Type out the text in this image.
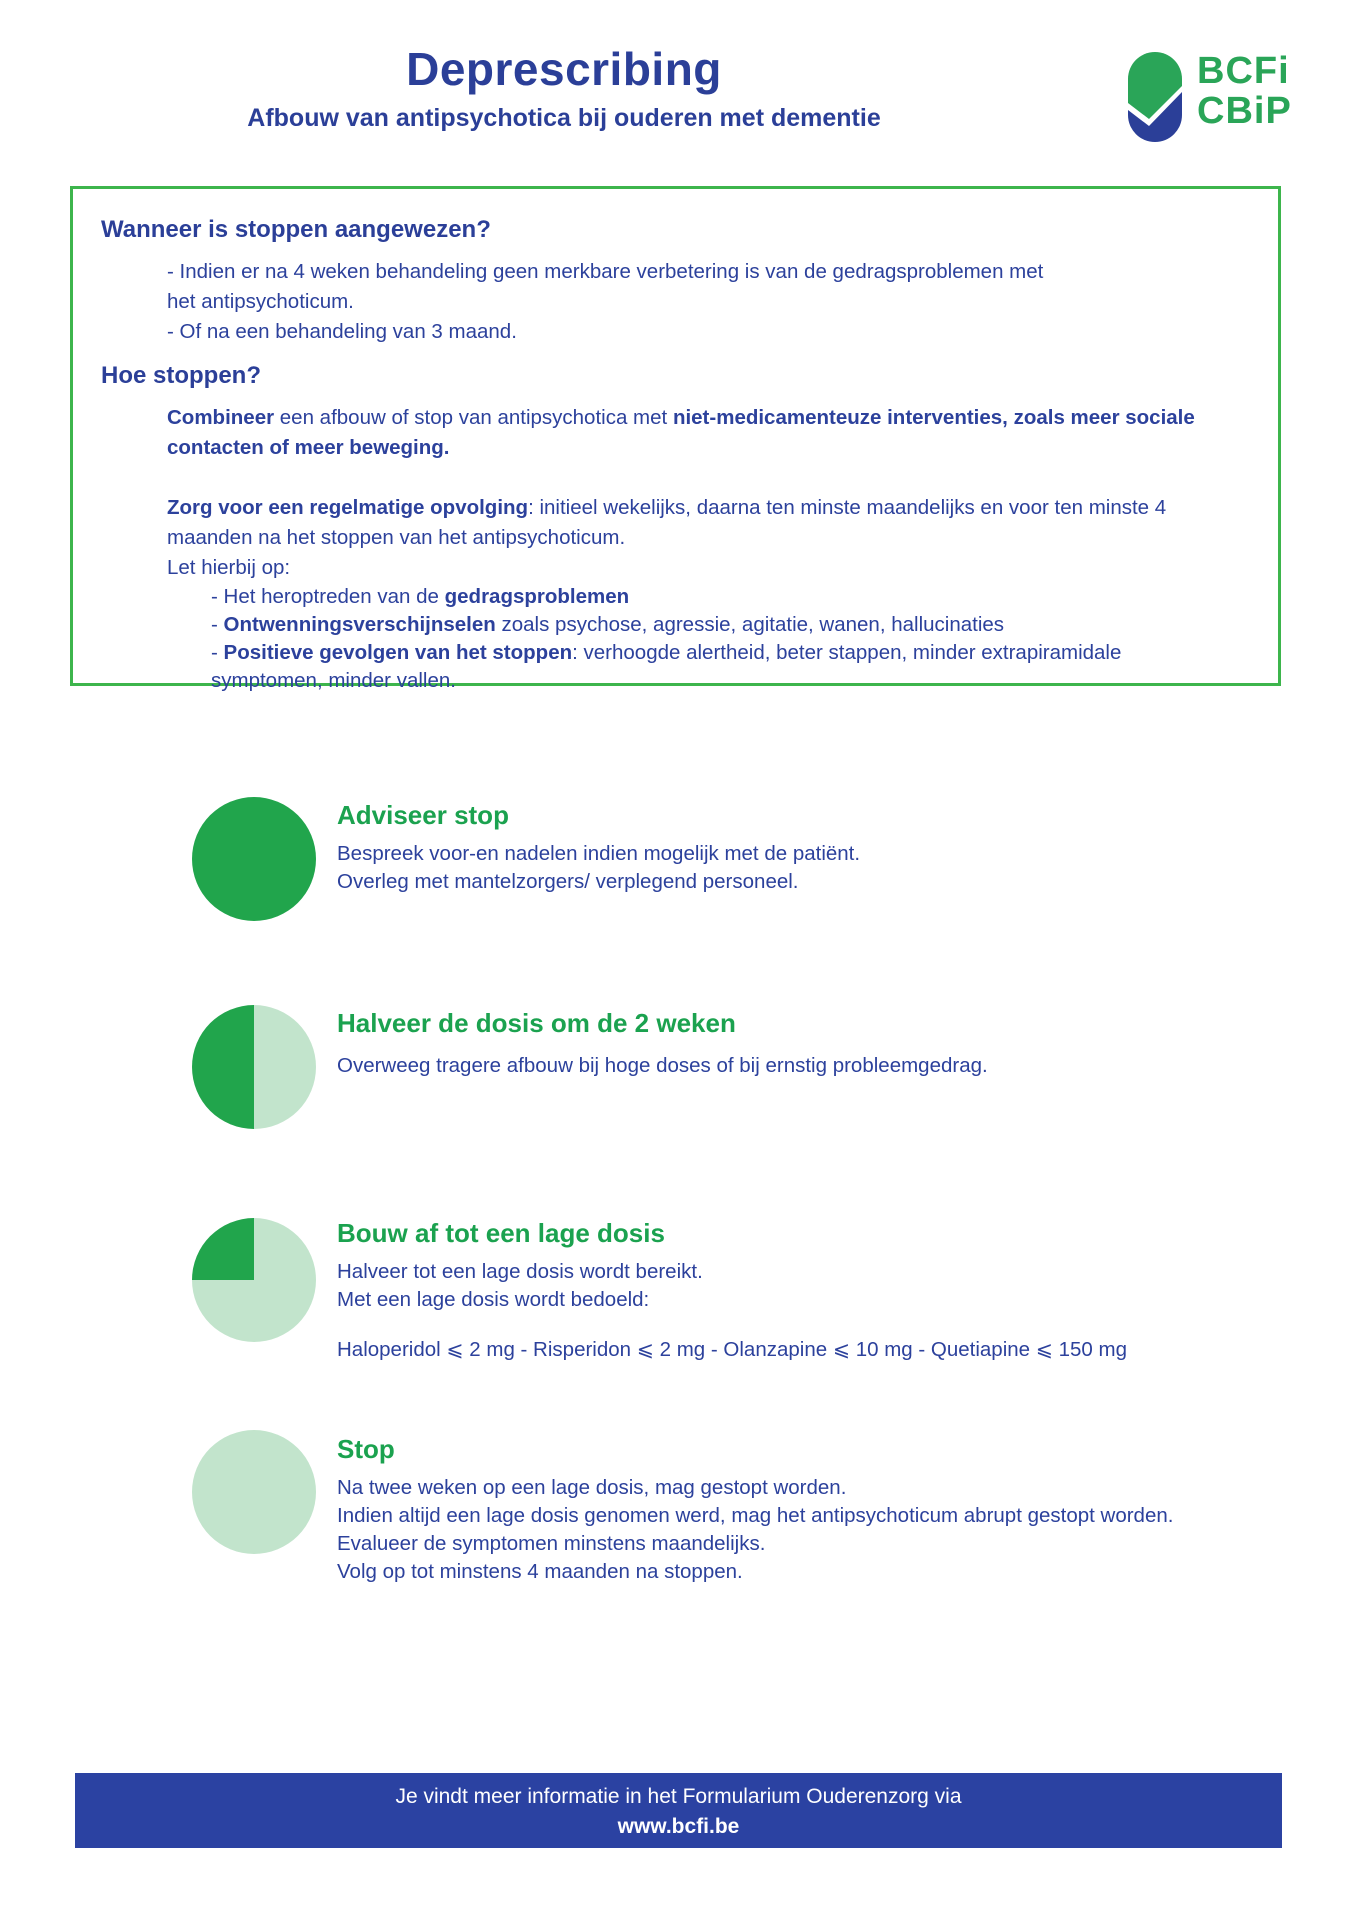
Deprescribing
Afbouw van antipsychotica bij ouderen met dementie
BCFi
CBiP
Wanneer is stoppen aangewezen?
- Indien er na 4 weken behandeling geen merkbare verbetering is van de gedragsproblemen met het antipsychoticum.
- Of na een behandeling van 3 maand.
Hoe stoppen?

Combineer een afbouw of stop van antipsychotica met niet-medicamenteuze interventies, zoals meer sociale contacten of meer beweging.

Zorg voor een regelmatige opvolging: initieel wekelijks, daarna ten minste maandelijks en voor ten minste 4 maanden na het stoppen van het antipsychoticum.

Let hierbij op:

- Het heroptreden van de gedragsproblemen

- Ontwenningsverschijnselen zoals psychose, agressie, agitatie, wanen, hallucinaties

- Positieve gevolgen van het stoppen: verhoogde alertheid, beter stappen, minder extrapiramidale symptomen, minder vallen.

Adviseer stop
Bespreek voor-en nadelen indien mogelijk met de patiënt.
Overleg met mantelzorgers/ verplegend personeel.
Halveer de dosis om de 2 weken
Overweeg tragere afbouw bij hoge doses of bij ernstig probleemgedrag.
Bouw af tot een lage dosis
Halveer tot een lage dosis wordt bereikt.
Met een lage dosis wordt bedoeld:
Haloperidol ⩽ 2 mg - Risperidon ⩽ 2 mg - Olanzapine ⩽ 10 mg - Quetiapine ⩽ 150 mg
Stop
Na twee weken op een lage dosis, mag gestopt worden.
Indien altijd een lage dosis genomen werd, mag het antipsychoticum abrupt gestopt worden.
Evalueer de symptomen minstens maandelijks.
Volg op tot minstens 4 maanden na stoppen.
Je vindt meer informatie in het Formularium Ouderenzorg via
www.bcfi.be
